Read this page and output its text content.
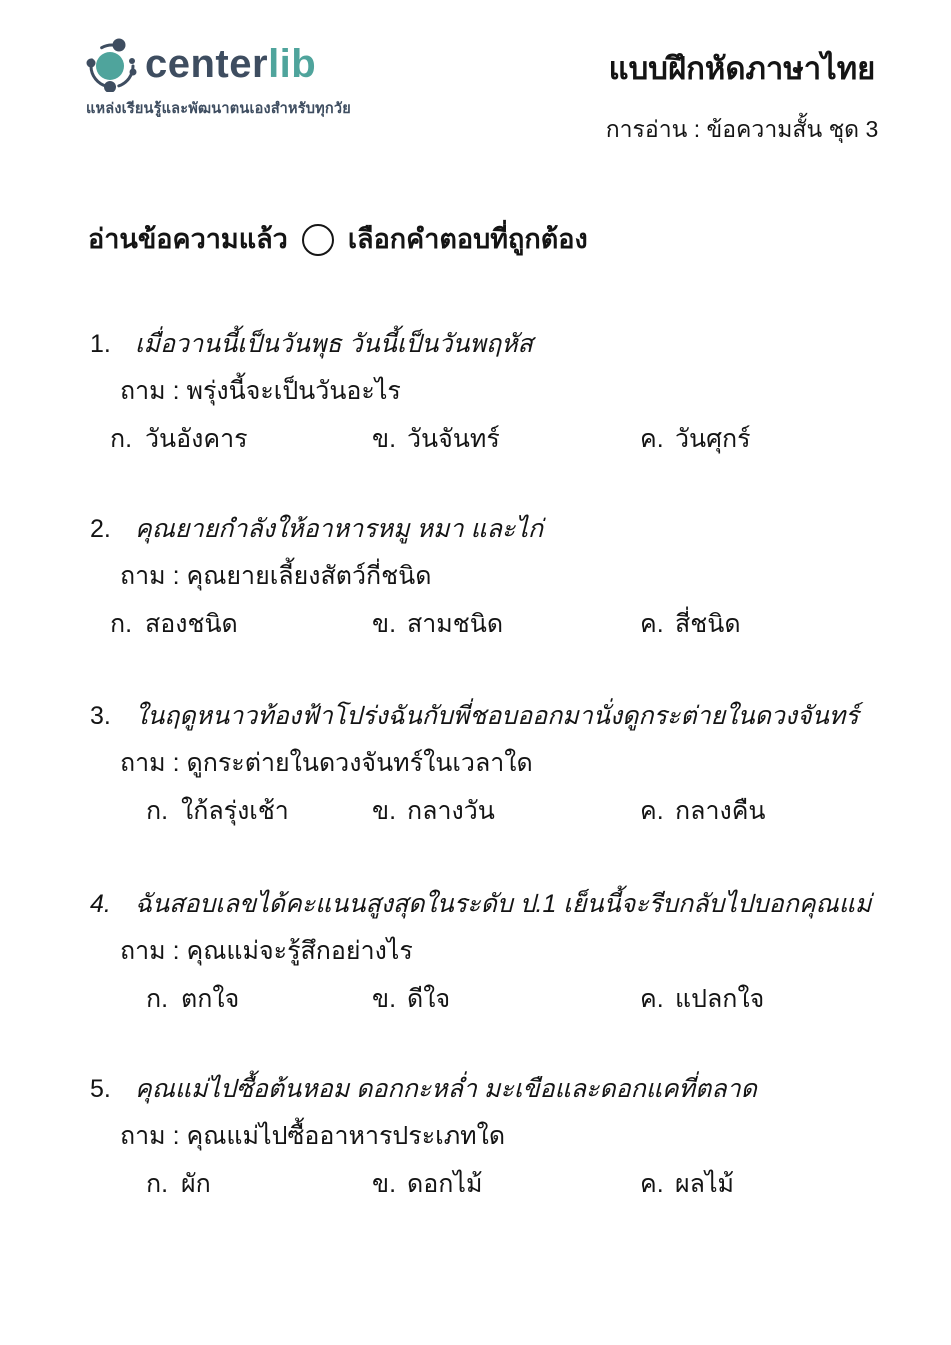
centerlib
แหล่งเรียนรู้และพัฒนาตนเองสำหรับทุกวัย
แบบฝึกหัดภาษาไทย
การอ่าน : ข้อความสั้น ชุด 3
อ่านข้อความแล้ว เลือกคำตอบที่ถูกต้อง
1. เมื่อวานนี้เป็นวันพุธ วันนี้เป็นวันพฤหัส
ถาม : พรุ่งนี้จะเป็นวันอะไร
ก. วันอังคาร	ข. วันจันทร์	ค. วันศุกร์
2. คุณยายกำลังให้อาหารหมู หมา และไก่
ถาม : คุณยายเลี้ยงสัตว์กี่ชนิด
ก. สองชนิด	ข. สามชนิด	ค. สี่ชนิด
3. ในฤดูหนาวท้องฟ้าโปร่งฉันกับพี่ชอบออกมานั่งดูกระต่ายในดวงจันทร์
ถาม : ดูกระต่ายในดวงจันทร์ในเวลาใด
ก. ใก้ลรุ่งเช้า	ข. กลางวัน	ค. กลางคืน
4. ฉันสอบเลขได้คะแนนสูงสุดในระดับ ป.1 เย็นนี้จะรีบกลับไปบอกคุณแม่
ถาม : คุณแม่จะรู้สึกอย่างไร
ก. ตกใจ	ข. ดีใจ	ค. แปลกใจ
5. คุณแม่ไปซื้อต้นหอม ดอกกะหล่ำ มะเขือและดอกแคที่ตลาด
ถาม : คุณแม่ไปซื้ออาหารประเภทใด
ก. ผัก	ข. ดอกไม้	ค. ผลไม้
